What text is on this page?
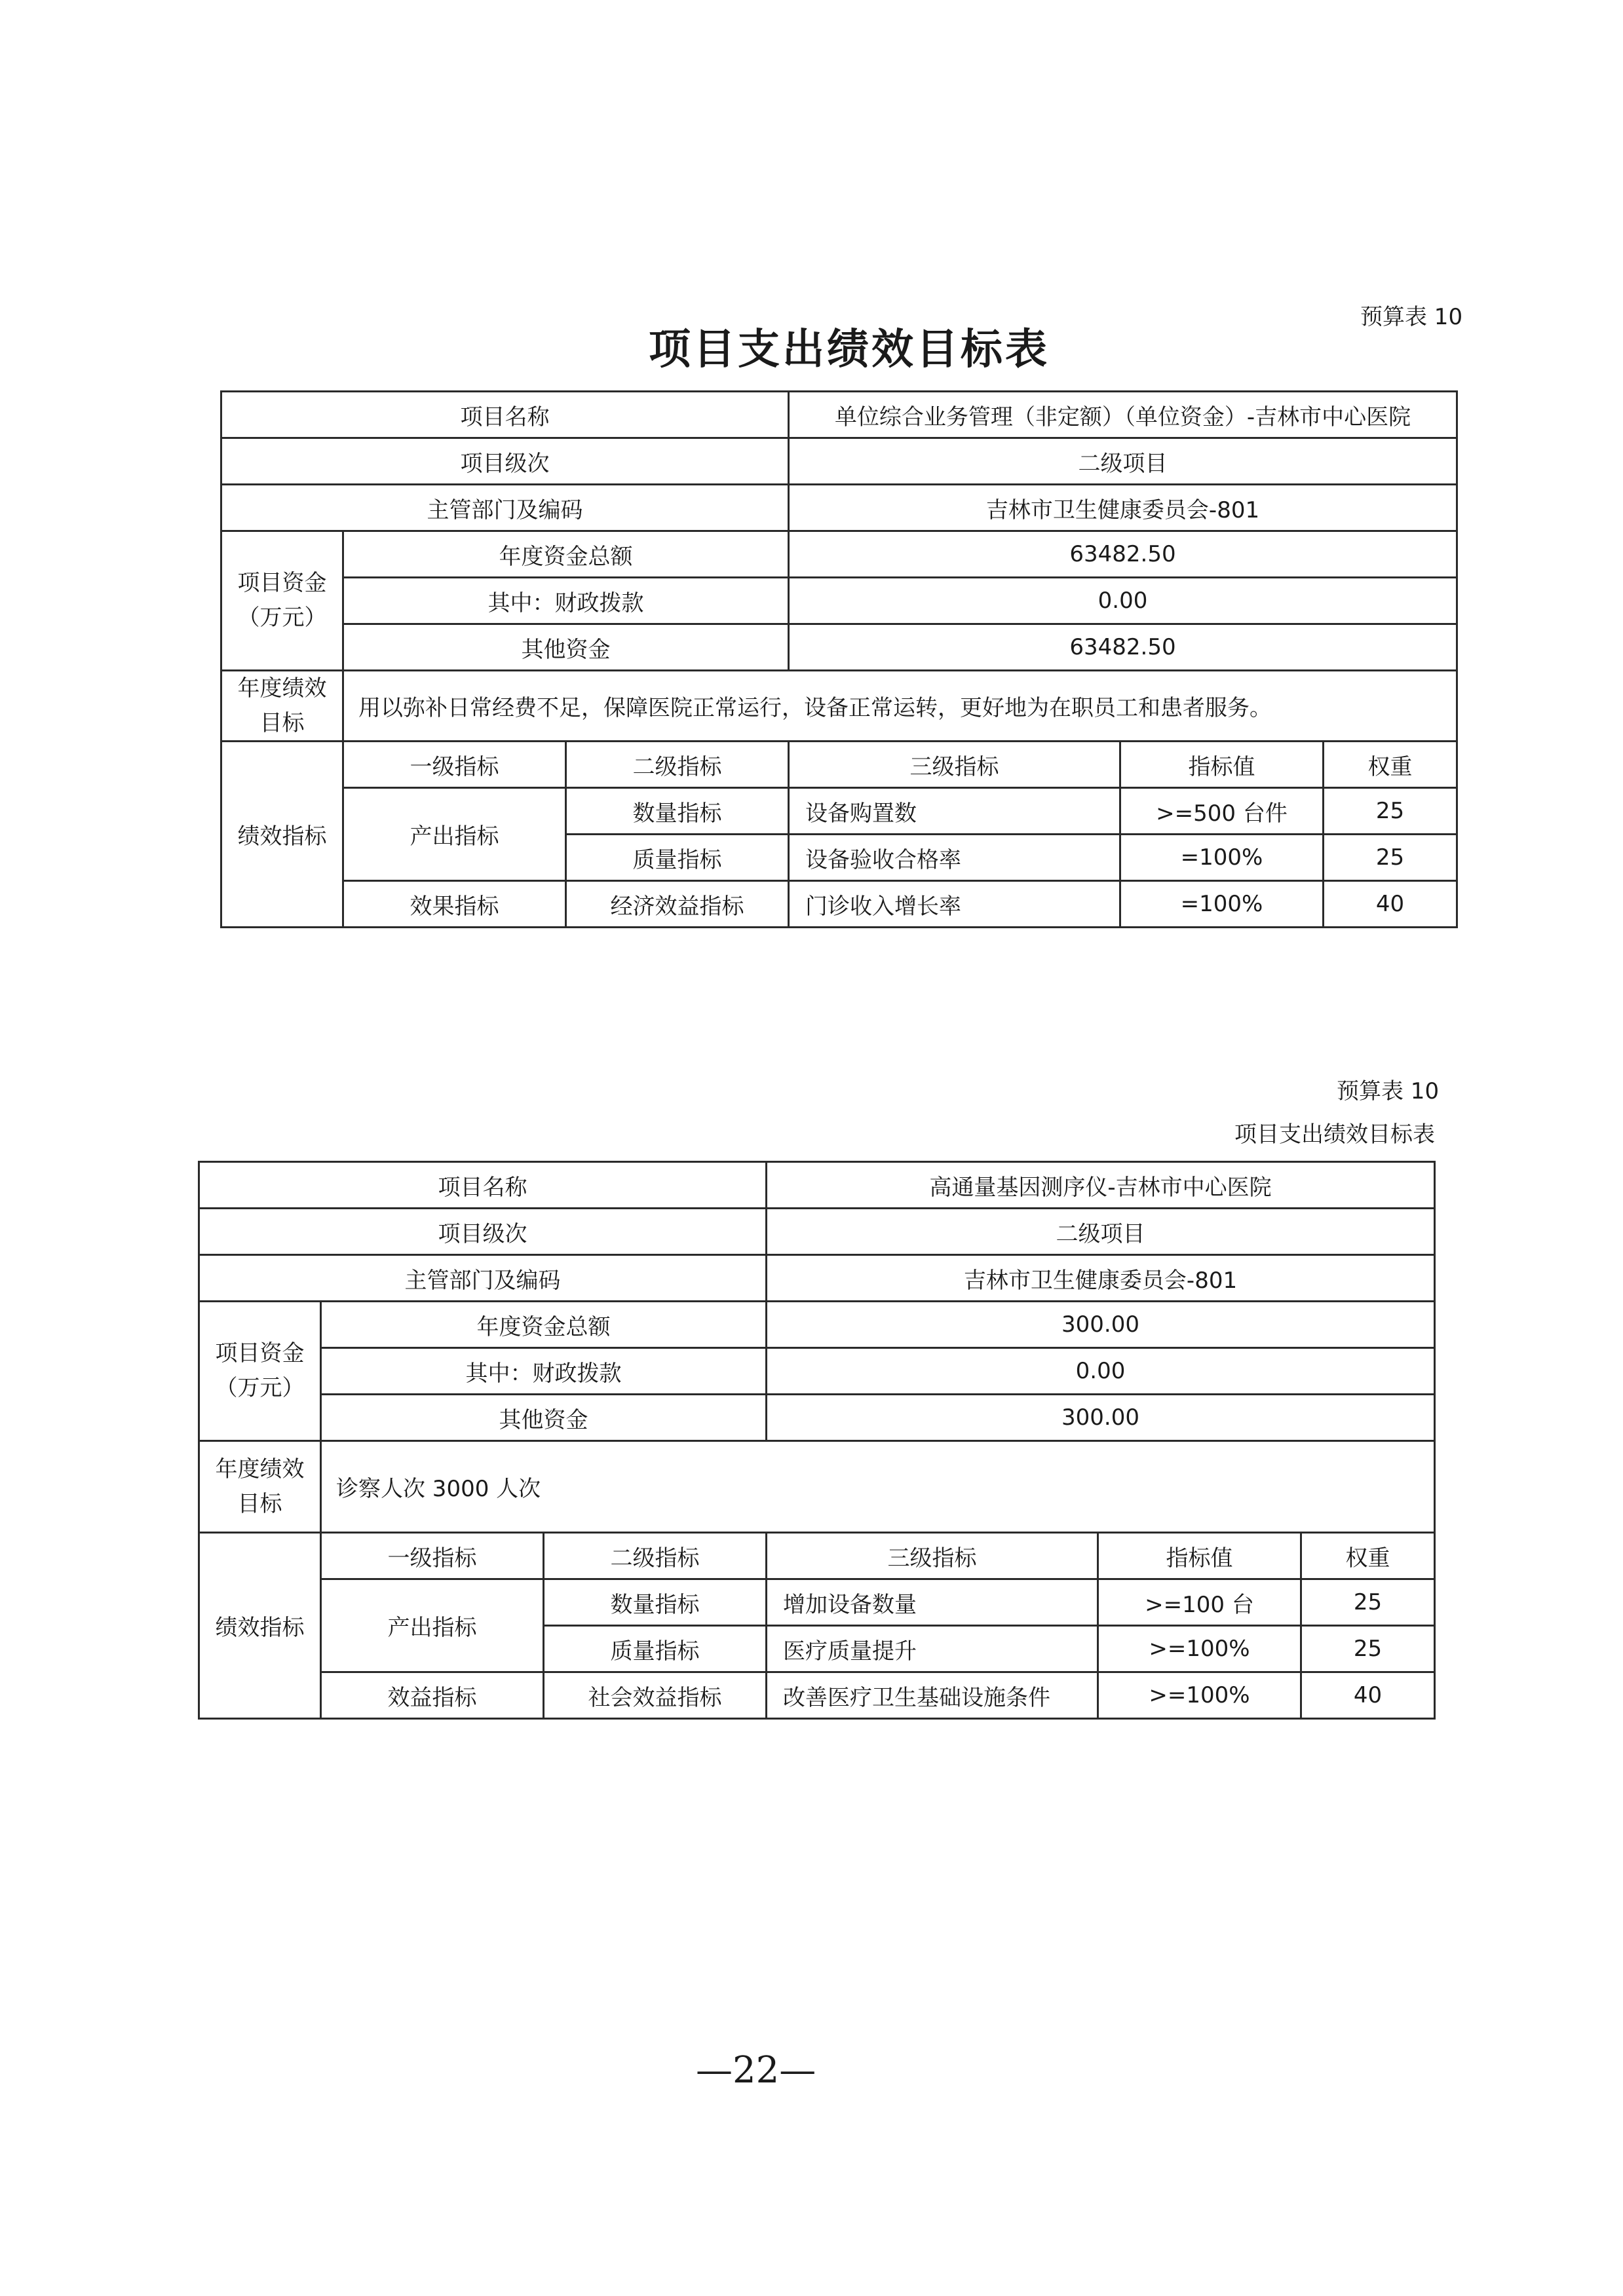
预算表 10
项目支出绩效目标表
项目名称			单位综合业务管理（非定额）（单位资金）-吉林市中心医院		
项目级次			二级项目		
主管部门及编码			吉林市卫生健康委员会-801		
项目资金（万元）	年度资金总额		63482.50		
	其中：财政拨款		0.00		
	其他资金		63482.50		
年度绩效目标	用以弥补日常经费不足，保障医院正常运行，设备正常运转，更好地为在职员工和患者服务。				
绩效指标	一级指标	二级指标	三级指标	指标值	权重
	产出指标	数量指标	设备购置数	>=500 台件	25
		质量指标	设备验收合格率	=100%	25
	效果指标	经济效益指标	门诊收入增长率	=100%	40
预算表 10
项目支出绩效目标表
项目名称			高通量基因测序仪-吉林市中心医院		
项目级次			二级项目		
主管部门及编码			吉林市卫生健康委员会-801		
项目资金（万元）	年度资金总额		300.00		
	其中：财政拨款		0.00		
	其他资金		300.00		
年度绩效目标	诊察人次 3000 人次				
绩效指标	一级指标	二级指标	三级指标	指标值	权重
	产出指标	数量指标	增加设备数量	>=100 台	25
		质量指标	医疗质量提升	>=100%	25
	效益指标	社会效益指标	改善医疗卫生基础设施条件	>=100%	40
—22—
